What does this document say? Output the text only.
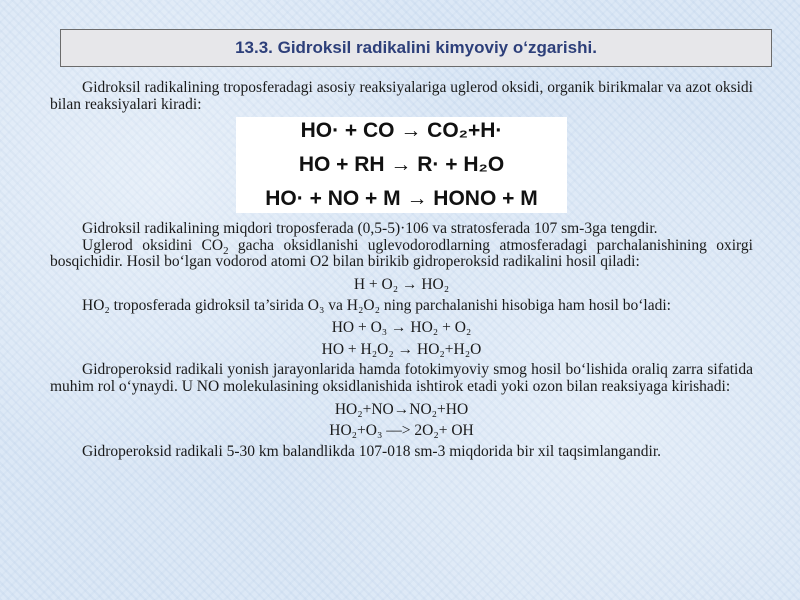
13.3. Gidroksil radikalini kimyoviy o‘zgarishi.

Gidroksil radikalining troposferadagi asosiy reaksiyalariga uglerod oksidi, organik birikmalar va azot oksidi bilan reaksiyalari kiradi:

HO· + CO → CO₂+H·
HO + RH → R· + H₂O
HO· + NO + M → HONO + M

Gidroksil radikalining miqdori troposferada (0,5-5)·106 va stratosferada 107 sm-3ga tengdir.

Uglerod oksidini $CO_2$ gacha oksidlanishi uglevodorodlarning atmosferadagi parchalanishining oxirgi bosqichidir. Hosil bo‘lgan vodorod atomi O2 bilan birikib gidroperoksid radikalini hosil qiladi:

H + O₂ → HO₂

HO₂ troposferada gidroksil ta’sirida O₃ va H₂O₂ ning parchalanishi hisobiga ham hosil bo‘ladi:

HO + O₃ → HO₂ + O₂
HO + H₂O₂ → HO₂+H₂O

Gidroperoksid radikali yonish jarayonlarida hamda fotokimyoviy smog hosil bo‘lishida oraliq zarra sifatida muhim rol o‘ynaydi. U NO molekulasining oksidlanishida ishtirok etadi yoki ozon bilan reaksiyaga kirishadi:

HO₂+NO→NO₂+HO
HO₂+O₃ —> 2O₂+ OH

Gidroperoksid radikali 5-30 km balandlikda 107-018 sm-3 miqdorida bir xil taqsimlangandir.
